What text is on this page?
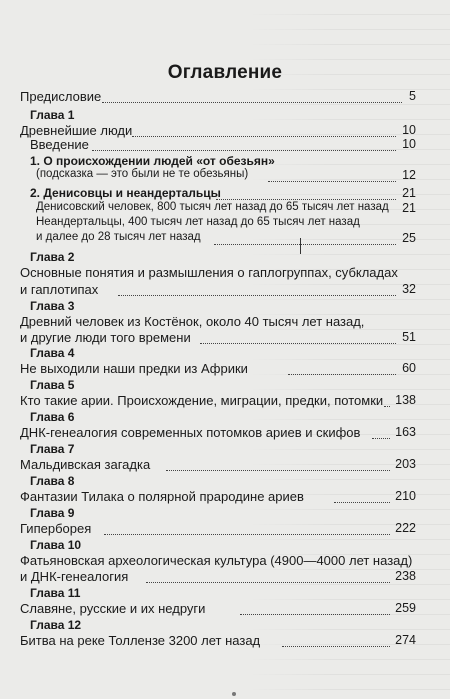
Оглавление
Предисловие	5
Глава 1
Древнейшие люди	10
Введение	10
1. О происхождении людей «от обезьян»
(подсказка — это были не те обезьяны)	12
2. Денисовцы и неандертальцы	21
Денисовский человек, 800 тысяч лет назад до 65 тысяч лет назад 21
Неандертальцы, 400 тысяч лет назад до 65 тысяч лет назад
и далее до 28 тысяч лет назад	25
Глава 2
Основные понятия и размышления о гаплогруппах, субкладах
и гаплотипах	32
Глава 3
Древний человек из Костёнок, около 40 тысяч лет назад,
и другие люди того времени	51
Глава 4
Не выходили наши предки из Африки	60
Глава 5
Кто такие арии. Происхождение, миграции, предки, потомки 138
Глава 6
ДНК-генеалогия современных потомков ариев и скифов	163
Глава 7
Мальдивская загадка	203
Глава 8
Фантазии Тилака о полярной прародине ариев	210
Глава 9
Гиперборея	222
Глава 10
Фатьяновская археологическая культура (4900—4000 лет назад)
и ДНК-генеалогия	238
Глава 11
Славяне, русские и их недруги	259
Глава 12
Битва на реке Толлензе 3200 лет назад	274
